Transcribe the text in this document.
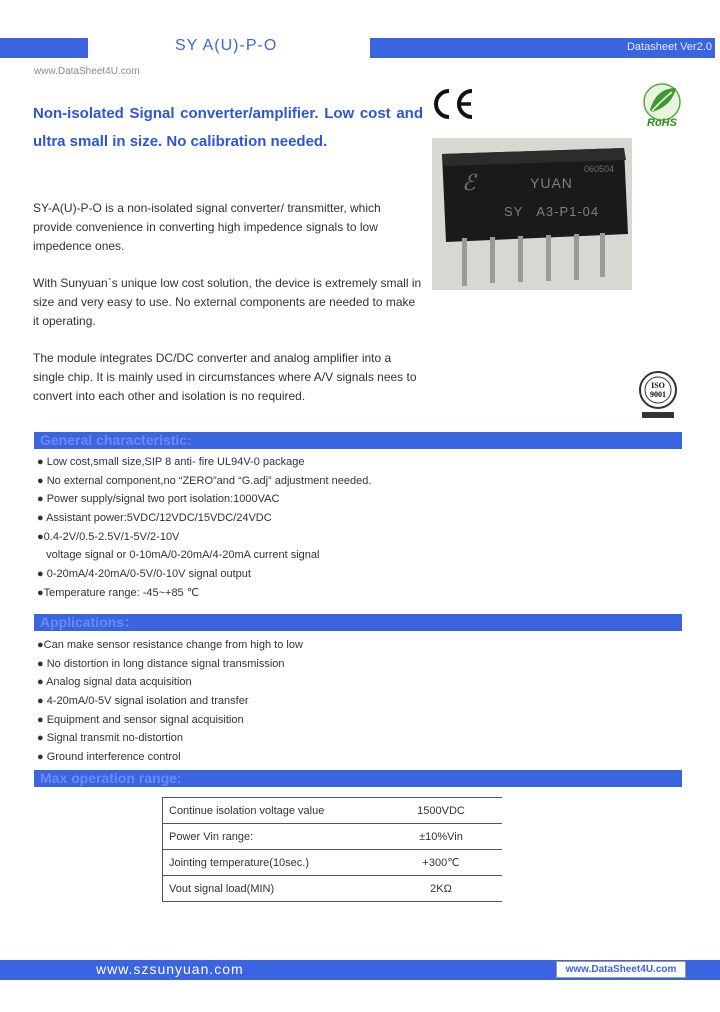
SY A(U)-P-O	Datasheet Ver2.0
www.DataSheet4U.com
Non-isolated Signal converter/amplifier. Low cost and ultra small in size. No calibration needed.
RoHS
ℰ
060504
YUAN
SY   A3-P1-04
SY-A(U)-P-O is a non-isolated signal converter/ transmitter, which provide convenience in converting high impedence signals to low impedence ones.
With Sunyuan`s unique low cost solution, the device is extremely small in size and very easy to use. No external components are needed to make it operating.
The module integrates DC/DC converter and analog amplifier into a single chip. It is mainly used in circumstances where A/V signals nees to convert into each other and isolation is no required.
ISO
9001
General characteristic:
● Low cost,small size,SIP 8 anti- fire UL94V-0 package
● No external component,no “ZERO”and “G.adj” adjustment needed.
● Power supply/signal two port isolation:1000VAC
● Assistant power:5VDC/12VDC/15VDC/24VDC
●0.4-2V/0.5-2.5V/1-5V/2-10V
voltage signal or 0-10mA/0-20mA/4-20mA current signal
● 0-20mA/4-20mA/0-5V/0-10V signal output
●Temperature range: -45~+85 ℃
Applications：
●Can make sensor resistance change from high to low
● No distortion in long distance signal transmission
● Analog signal data acquisition
● 4-20mA/0-5V signal isolation and transfer
● Equipment and sensor signal acquisition
● Signal transmit no-distortion
● Ground interference control
Max operation range:
Continue isolation voltage value	1500VDC
Power Vin range:	±10%Vin
Jointing temperature(10sec.)	+300℃
Vout signal load(MIN)	2KΩ
www.szsunyuan.com	www.DataSheet4U.com
